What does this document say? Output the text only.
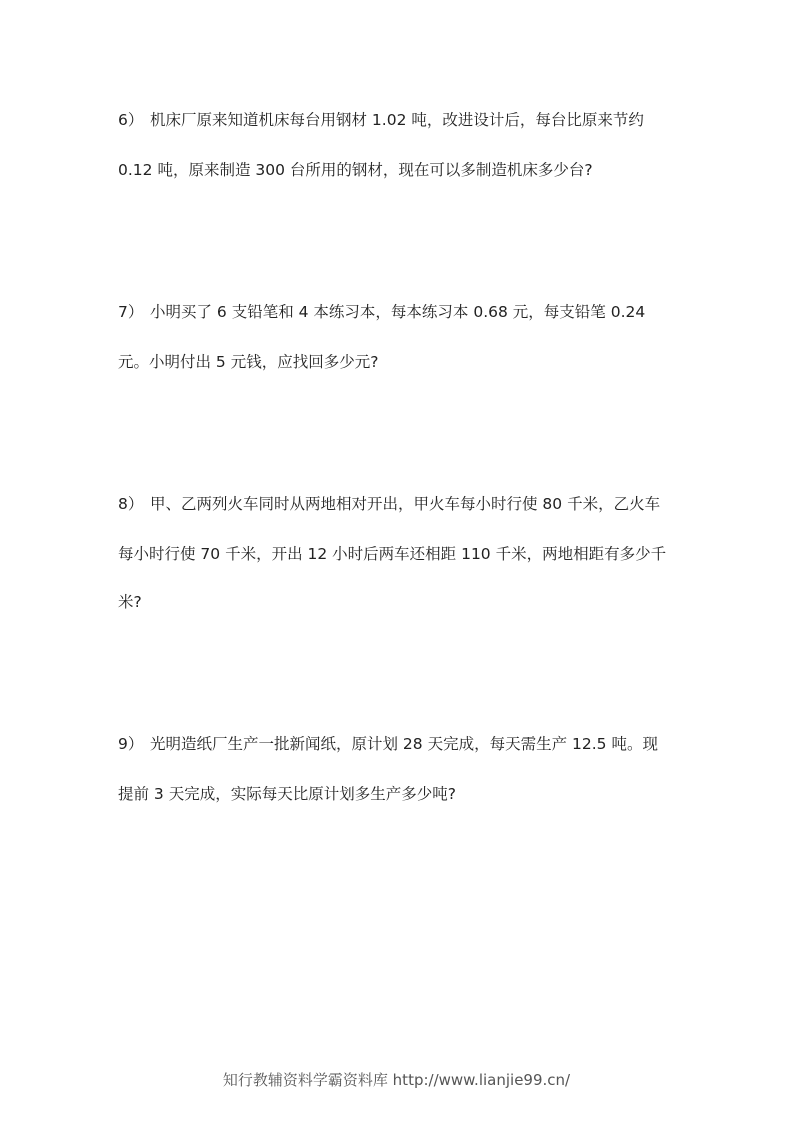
6） 机床厂原来知道机床每台用钢材 1.02 吨，改进设计后，每台比原来节约
0.12 吨，原来制造 300 台所用的钢材，现在可以多制造机床多少台?
7） 小明买了 6 支铅笔和 4 本练习本，每本练习本 0.68 元，每支铅笔 0.24
元。小明付出 5 元钱，应找回多少元?
8） 甲、乙两列火车同时从两地相对开出，甲火车每小时行使 80 千米，乙火车
每小时行使 70 千米，开出 12 小时后两车还相距 110 千米，两地相距有多少千
米?
9） 光明造纸厂生产一批新闻纸，原计划 28 天完成，每天需生产 12.5 吨。现
提前 3 天完成，实际每天比原计划多生产多少吨?
知行教辅资料学霸资料库 http://www.lianjie99.cn/
